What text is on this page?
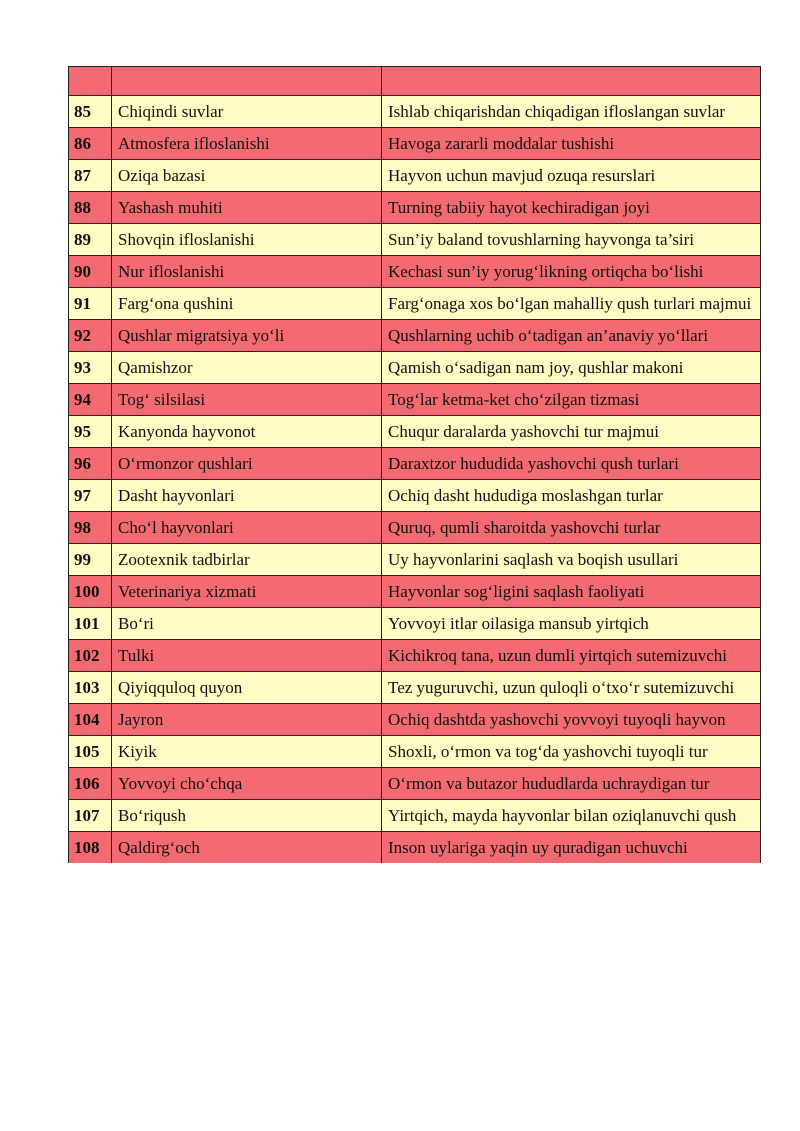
85	Chiqindi suvlar	Ishlab chiqarishdan chiqadigan ifloslangan suvlar
86	Atmosfera ifloslanishi	Havoga zararli moddalar tushishi
87	Oziqa bazasi	Hayvon uchun mavjud ozuqa resurslari
88	Yashash muhiti	Turning tabiiy hayot kechiradigan joyi
89	Shovqin ifloslanishi	Sun’iy baland tovushlarning hayvonga ta’siri
90	Nur ifloslanishi	Kechasi sun’iy yorug‘likning ortiqcha bo‘lishi
91	Farg‘ona qushini	Farg‘onaga xos bo‘lgan mahalliy qush turlari majmui
92	Qushlar migratsiya yo‘li	Qushlarning uchib o‘tadigan an’anaviy yo‘llari
93	Qamishzor	Qamish o‘sadigan nam joy, qushlar makoni
94	Tog‘ silsilasi	Tog‘lar ketma-ket cho‘zilgan tizmasi
95	Kanyonda hayvonot	Chuqur daralarda yashovchi tur majmui
96	O‘rmonzor qushlari	Daraxtzor hududida yashovchi qush turlari
97	Dasht hayvonlari	Ochiq dasht hududiga moslashgan turlar
98	Cho‘l hayvonlari	Quruq, qumli sharoitda yashovchi turlar
99	Zootexnik tadbirlar	Uy hayvonlarini saqlash va boqish usullari
100	Veterinariya xizmati	Hayvonlar sog‘ligini saqlash faoliyati
101	Bo‘ri	Yovvoyi itlar oilasiga mansub yirtqich
102	Tulki	Kichikroq tana, uzun dumli yirtqich sutemizuvchi
103	Qiyiqquloq quyon	Tez yuguruvchi, uzun quloqli o‘txo‘r sutemizuvchi
104	Jayron	Ochiq dashtda yashovchi yovvoyi tuyoqli hayvon
105	Kiyik	Shoxli, o‘rmon va tog‘da yashovchi tuyoqli tur
106	Yovvoyi cho‘chqa	O‘rmon va butazor hududlarda uchraydigan tur
107	Bo‘riqush	Yirtqich, mayda hayvonlar bilan oziqlanuvchi qush
108	Qaldirg‘och	Inson uylariga yaqin uy quradigan uchuvchi
